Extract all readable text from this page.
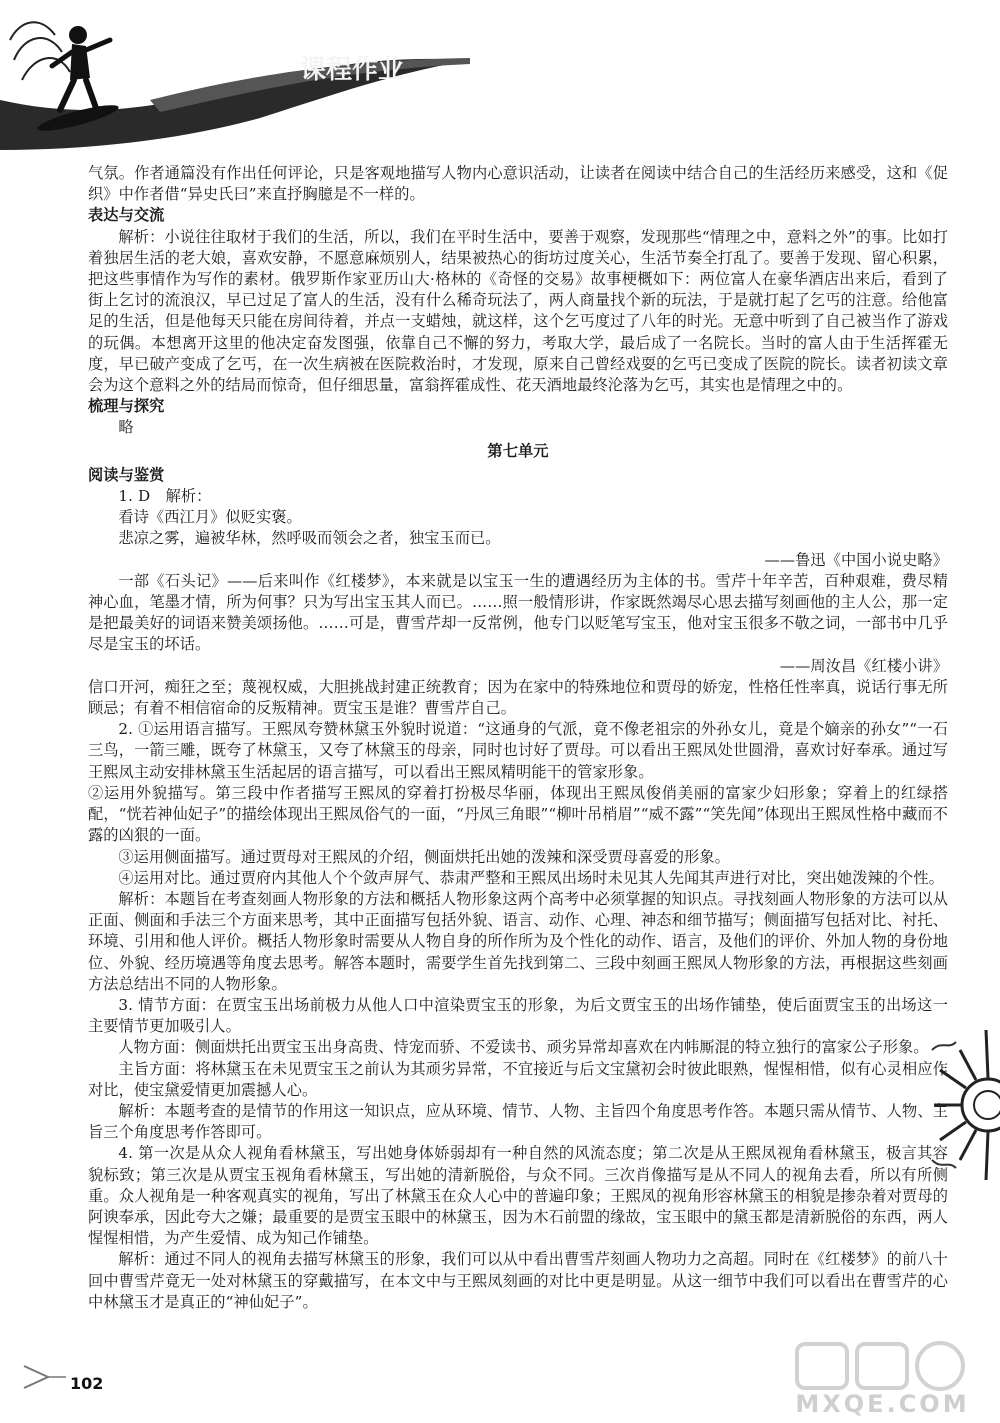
课程作业

气氛。作者通篇没有作出任何评论，只是客观地描写人物内心意识活动，让读者在阅读中结合自己的生活经历来感受，这和《促织》中作者借“异史氏曰”来直抒胸臆是不一样的。

表达与交流

解析：小说往往取材于我们的生活，所以，我们在平时生活中，要善于观察，发现那些“情理之中，意料之外”的事。比如打着独居生活的老大娘，喜欢安静，不愿意麻烦别人，结果被热心的街坊过度关心，生活节奏全打乱了。要善于发现、留心积累，把这些事情作为写作的素材。俄罗斯作家亚历山大·格林的《奇怪的交易》故事梗概如下：两位富人在豪华酒店出来后，看到了街上乞讨的流浪汉，早已过足了富人的生活，没有什么稀奇玩法了，两人商量找个新的玩法，于是就打起了乞丐的注意。给他富足的生活，但是他每天只能在房间待着，并点一支蜡烛，就这样，这个乞丐度过了八年的时光。无意中听到了自己被当作了游戏的玩偶。本想离开这里的他决定奋发图强，依靠自己不懈的努力，考取大学，最后成了一名院长。当时的富人由于生活挥霍无度，早已破产变成了乞丐，在一次生病被在医院救治时，才发现，原来自己曾经戏耍的乞丐已变成了医院的院长。读者初读文章会为这个意料之外的结局而惊奇，但仔细思量，富翁挥霍成性、花天酒地最终沦落为乞丐，其实也是情理之中的。

梳理与探究

略

第七单元

阅读与鉴赏

1. D　解析：

看诗《西江月》似贬实褒。

悲凉之雾，遍被华林，然呼吸而领会之者，独宝玉而已。

——鲁迅《中国小说史略》

一部《石头记》——后来叫作《红楼梦》，本来就是以宝玉一生的遭遇经历为主体的书。雪芹十年辛苦，百种艰难，费尽精神心血，笔墨才情，所为何事？只为写出宝玉其人而已。……照一般情形讲，作家既然竭尽心思去描写刻画他的主人公，那一定是把最美好的词语来赞美颂扬他。……可是，曹雪芹却一反常例，他专门以贬笔写宝玉，他对宝玉很多不敬之词，一部书中几乎尽是宝玉的坏话。

——周汝昌《红楼小讲》

信口开河，痴狂之至；蔑视权威，大胆挑战封建正统教育；因为在家中的特殊地位和贾母的娇宠，性格任性率真，说话行事无所顾忌；有着不相信宿命的反叛精神。贾宝玉是谁？曹雪芹自己。

2. ①运用语言描写。王熙凤夸赞林黛玉外貌时说道：“这通身的气派，竟不像老祖宗的外孙女儿，竟是个嫡亲的孙女”“一石三鸟，一箭三雕，既夸了林黛玉，又夸了林黛玉的母亲，同时也讨好了贾母。可以看出王熙凤处世圆滑，喜欢讨好奉承。通过写王熙凤主动安排林黛玉生活起居的语言描写，可以看出王熙凤精明能干的管家形象。

②运用外貌描写。第三段中作者描写王熙凤的穿着打扮极尽华丽，体现出王熙凤俊俏美丽的富家少妇形象；穿着上的红绿搭配，“恍若神仙妃子”的描绘体现出王熙凤俗气的一面，“丹凤三角眼”“柳叶吊梢眉”“威不露”“笑先闻”体现出王熙凤性格中藏而不露的凶狠的一面。

③运用侧面描写。通过贾母对王熙凤的介绍，侧面烘托出她的泼辣和深受贾母喜爱的形象。

④运用对比。通过贾府内其他人个个敛声屏气、恭肃严整和王熙凤出场时未见其人先闻其声进行对比，突出她泼辣的个性。

解析：本题旨在考查刻画人物形象的方法和概括人物形象这两个高考中必须掌握的知识点。寻找刻画人物形象的方法可以从正面、侧面和手法三个方面来思考，其中正面描写包括外貌、语言、动作、心理、神态和细节描写；侧面描写包括对比、衬托、环境、引用和他人评价。概括人物形象时需要从人物自身的所作所为及个性化的动作、语言，及他们的评价、外加人物的身份地位、外貌、经历境遇等角度去思考。解答本题时，需要学生首先找到第二、三段中刻画王熙凤人物形象的方法，再根据这些刻画方法总结出不同的人物形象。

3. 情节方面：在贾宝玉出场前极力从他人口中渲染贾宝玉的形象，为后文贾宝玉的出场作铺垫，使后面贾宝玉的出场这一主要情节更加吸引人。

人物方面：侧面烘托出贾宝玉出身高贵、恃宠而骄、不爱读书、顽劣异常却喜欢在内帏厮混的特立独行的富家公子形象。

主旨方面：将林黛玉在未见贾宝玉之前认为其顽劣异常，不宜接近与后文宝黛初会时彼此眼熟，惺惺相惜，似有心灵相应作对比，使宝黛爱情更加震撼人心。

解析：本题考查的是情节的作用这一知识点，应从环境、情节、人物、主旨四个角度思考作答。本题只需从情节、人物、主旨三个角度思考作答即可。

4. 第一次是从众人视角看林黛玉，写出她身体娇弱却有一种自然的风流态度；第二次是从王熙凤视角看林黛玉，极言其容貌标致；第三次是从贾宝玉视角看林黛玉，写出她的清新脱俗，与众不同。三次肖像描写是从不同人的视角去看，所以有所侧重。众人视角是一种客观真实的视角，写出了林黛玉在众人心中的普遍印象；王熙凤的视角形容林黛玉的相貌是掺杂着对贾母的阿谀奉承，因此夸大之嫌；最重要的是贾宝玉眼中的林黛玉，因为木石前盟的缘故，宝玉眼中的黛玉都是清新脱俗的东西，两人惺惺相惜，为产生爱情、成为知己作铺垫。

解析：通过不同人的视角去描写林黛玉的形象，我们可以从中看出曹雪芹刻画人物功力之高超。同时在《红楼梦》的前八十回中曹雪芹竟无一处对林黛玉的穿戴描写，在本文中与王熙凤刻画的对比中更是明显。从这一细节中我们可以看出在曹雪芹的心中林黛玉才是真正的“神仙妃子”。

102
MXQE.COM
